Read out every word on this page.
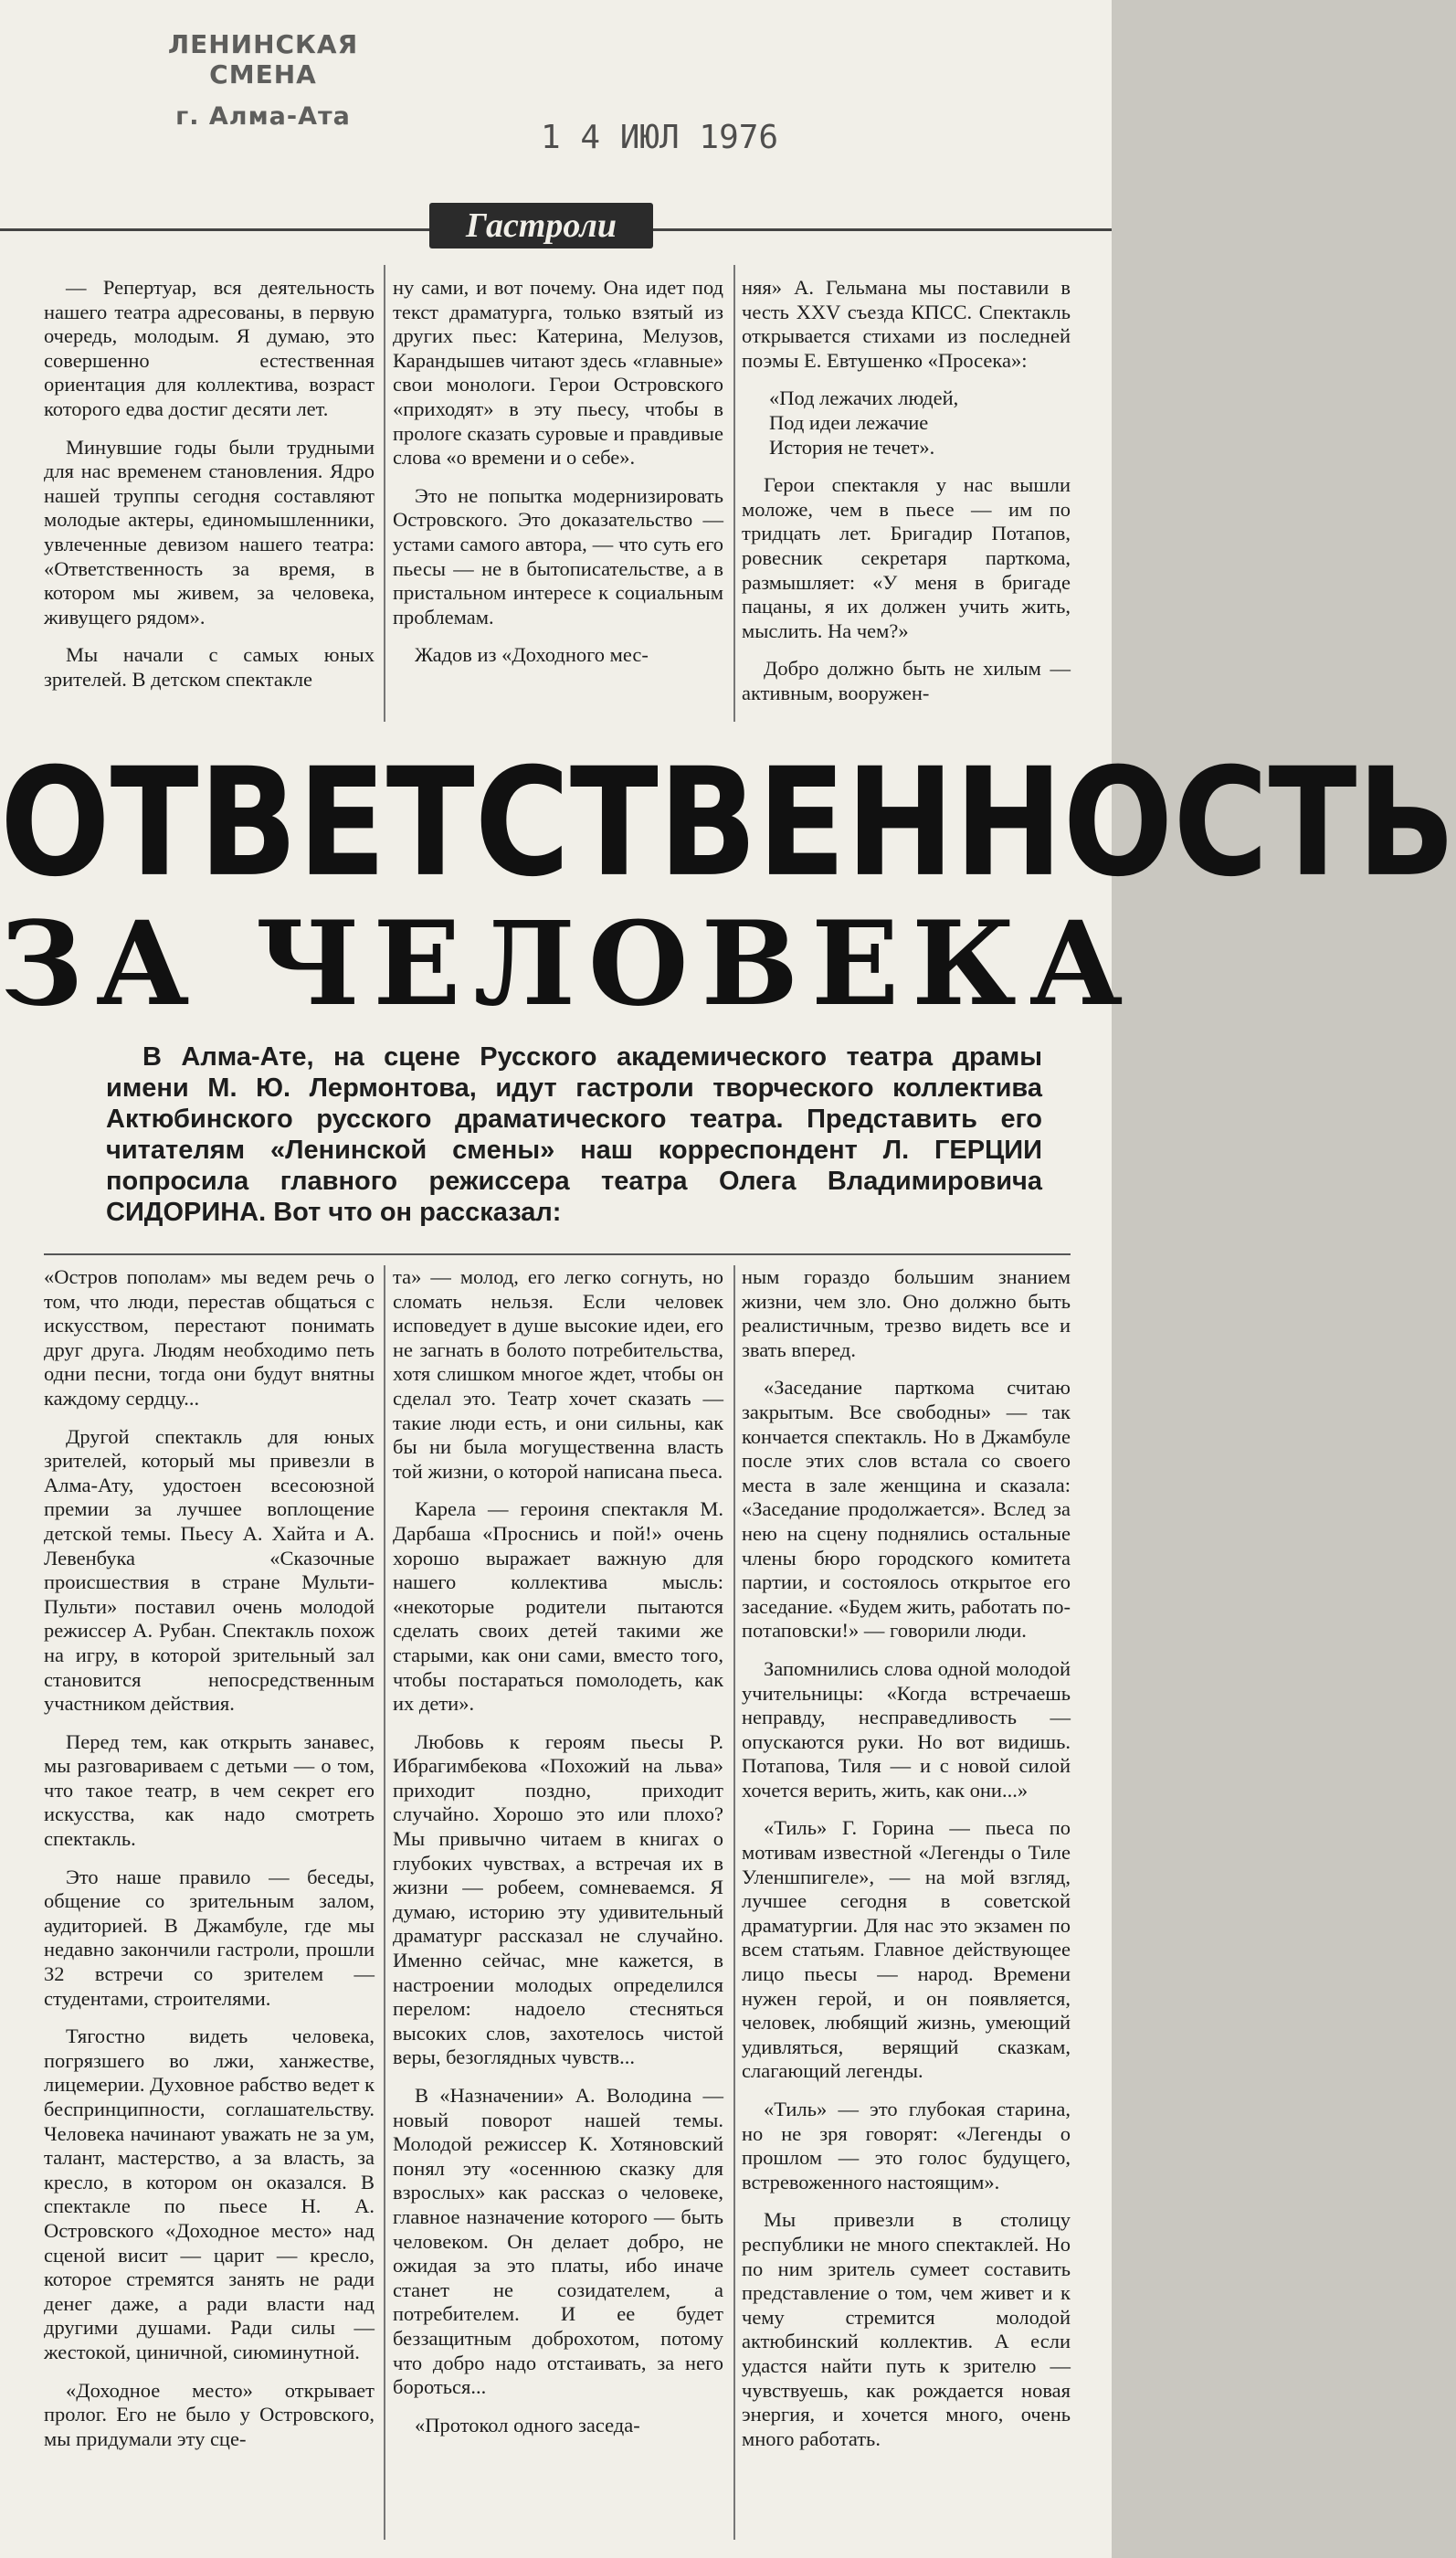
ЛЕНИНСКАЯ СМЕНА
г. Алма-Ата
1 4 ИЮЛ 1976
Гастроли

— Репертуар, вся деятельность нашего театра адресованы, в первую очередь, молодым. Я думаю, это совершенно естественная ориентация для коллектива, возраст которого едва достиг десяти лет.

Минувшие годы были трудными для нас временем становления. Ядро нашей труппы сегодня составляют молодые актеры, единомышленники, увлеченные девизом нашего театра: «Ответственность за время, в котором мы живем, за человека, живущего рядом».

Мы начали с самых юных зрителей. В детском спектакле

ну сами, и вот почему. Она идет под текст драматурга, только взятый из других пьес: Катерина, Мелузов, Карандышев читают здесь «главные» свои монологи. Герои Островского «приходят» в эту пьесу, чтобы в прологе сказать суровые и правдивые слова «о времени и о себе».

Это не попытка модернизировать Островского. Это доказательство — устами самого автора, — что суть его пьесы — не в бытописательстве, а в пристальном интересе к социальным проблемам.

Жадов из «Доходного мес-

няя» А. Гельмана мы поставили в честь XXV съезда КПСС. Спектакль открывается стихами из последней поэмы Е. Евтушенко «Просека»:

«Под лежачих людей,

Под идеи лежачие

История не течет».

Герои спектакля у нас вышли моложе, чем в пьесе — им по тридцать лет. Бригадир Потапов, ровесник секретаря парткома, размышляет: «У меня в бригаде пацаны, я их должен учить жить, мыслить. На чем?»

Добро должно быть не хилым — активным, вооружен-

ОТВЕТСТВЕННОСТЬ
ЗА ЧЕЛОВЕКА

В Алма-Ате, на сцене Русского академического театра драмы имени М. Ю. Лермонтова, идут гастроли творческого коллектива Актюбинского русского драматического театра. Представить его читателям «Ленинской смены» наш корреспондент Л. ГЕРЦИИ попросила главного режиссера театра Олега Владимировича СИДОРИНА. Вот что он рассказал:

«Остров пополам» мы ведем речь о том, что люди, перестав общаться с искусством, перестают понимать друг друга. Людям необходимо петь одни песни, тогда они будут внятны каждому сердцу...

Другой спектакль для юных зрителей, который мы привезли в Алма-Ату, удостоен всесоюзной премии за лучшее воплощение детской темы. Пьесу А. Хайта и А. Левенбука «Сказочные происшествия в стране Мульти-Пульти» поставил очень молодой режиссер А. Рубан. Спектакль похож на игру, в которой зрительный зал становится непосредственным участником действия.

Перед тем, как открыть занавес, мы разговариваем с детьми — о том, что такое театр, в чем секрет его искусства, как надо смотреть спектакль.

Это наше правило — беседы, общение со зрительным залом, аудиторией. В Джамбуле, где мы недавно закончили гастроли, прошли 32 встречи со зрителем — студентами, строителями.

Тягостно видеть человека, погрязшего во лжи, ханжестве, лицемерии. Духовное рабство ведет к беспринципности, соглашательству. Человека начинают уважать не за ум, талант, мастерство, а за власть, за кресло, в котором он оказался. В спектакле по пьесе Н. А. Островского «Доходное место» над сценой висит — царит — кресло, которое стремятся занять не ради денег даже, а ради власти над другими душами. Ради силы — жестокой, циничной, сиюминутной.

«Доходное место» открывает пролог. Его не было у Островского, мы придумали эту сце-

та» — молод, его легко согнуть, но сломать нельзя. Если человек исповедует в душе высокие идеи, его не загнать в болото потребительства, хотя слишком многое ждет, чтобы он сделал это. Театр хочет сказать — такие люди есть, и они сильны, как бы ни была могущественна власть той жизни, о которой написана пьеса.

Карела — героиня спектакля М. Дарбаша «Проснись и пой!» очень хорошо выражает важную для нашего коллектива мысль: «некоторые родители пытаются сделать своих детей такими же старыми, как они сами, вместо того, чтобы постараться помолодеть, как их дети».

Любовь к героям пьесы Р. Ибрагимбекова «Похожий на льва» приходит поздно, приходит случайно. Хорошо это или плохо? Мы привычно читаем в книгах о глубоких чувствах, а встречая их в жизни — робеем, сомневаемся. Я думаю, историю эту удивительный драматург рассказал не случайно. Именно сейчас, мне кажется, в настроении молодых определился перелом: надоело стесняться высоких слов, захотелось чистой веры, безоглядных чувств...

В «Назначении» А. Володина — новый поворот нашей темы. Молодой режиссер К. Хотяновский понял эту «осеннюю сказку для взрослых» как рассказ о человеке, главное назначение которого — быть человеком. Он делает добро, не ожидая за это платы, ибо иначе станет не созидателем, а потребителем. И ее будет беззащитным доброхотом, потому что добро надо отстаивать, за него бороться...

«Протокол одного заседа-

ным гораздо большим знанием жизни, чем зло. Оно должно быть реалистичным, трезво видеть все и звать вперед.

«Заседание парткома считаю закрытым. Все свободны» — так кончается спектакль. Но в Джамбуле после этих слов встала со своего места в зале женщина и сказала: «Заседание продолжается». Вслед за нею на сцену поднялись остальные члены бюро городского комитета партии, и состоялось открытое его заседание. «Будем жить, работать по-потаповски!» — говорили люди.

Запомнились слова одной молодой учительницы: «Когда встречаешь неправду, несправедливость — опускаются руки. Но вот видишь. Потапова, Тиля — и с новой силой хочется верить, жить, как они...»

«Тиль» Г. Горина — пьеса по мотивам известной «Легенды о Тиле Уленшпигеле», — на мой взгляд, лучшее сегодня в советской драматургии. Для нас это экзамен по всем статьям. Главное действующее лицо пьесы — народ. Времени нужен герой, и он появляется, человек, любящий жизнь, умеющий удивляться, верящий сказкам, слагающий легенды.

«Тиль» — это глубокая старина, но не зря говорят: «Легенды о прошлом — это голос будущего, встревоженного настоящим».

Мы привезли в столицу республики не много спектаклей. Но по ним зритель сумеет составить представление о том, чем живет и к чему стремится молодой актюбинский коллектив. А если удастся найти путь к зрителю — чувствуешь, как рождается новая энергия, и хочется много, очень много работать.
